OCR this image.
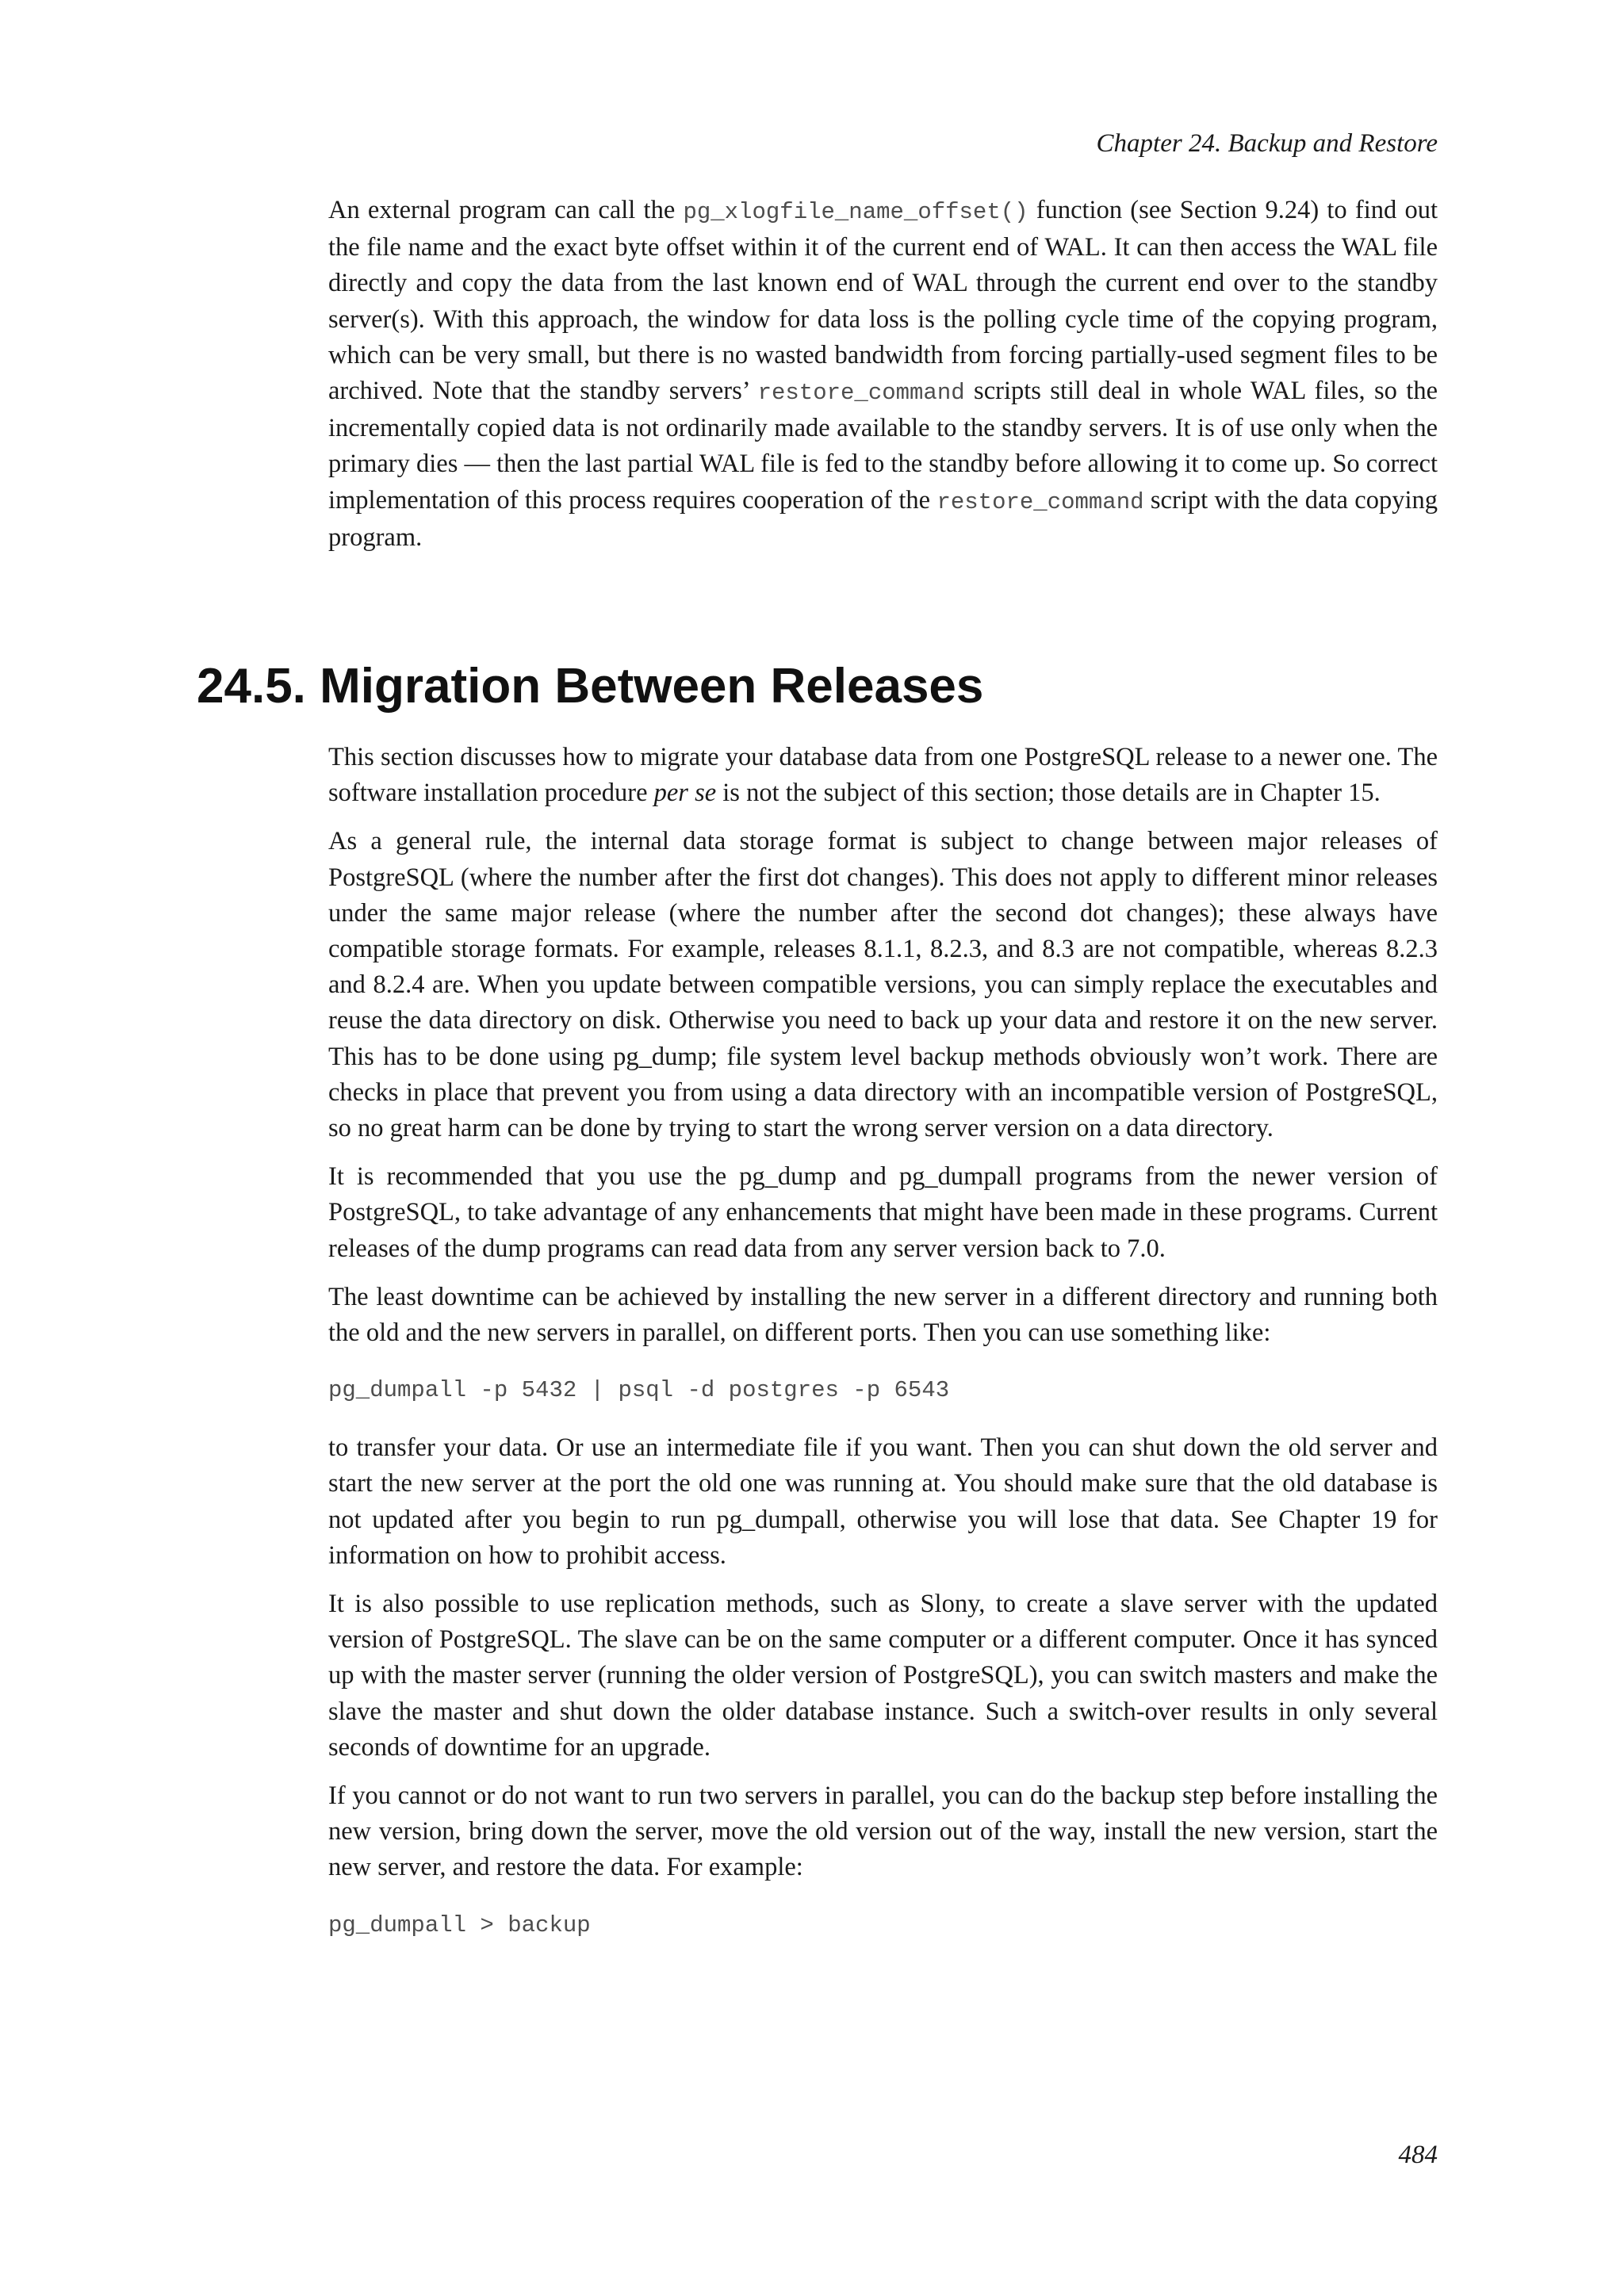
Chapter 24. Backup and Restore

An external program can call the pg_xlogfile_name_offset() function (see Section 9.24) to find out the file name and the exact byte offset within it of the current end of WAL. It can then access the WAL file directly and copy the data from the last known end of WAL through the current end over to the standby server(s). With this approach, the window for data loss is the polling cycle time of the copying program, which can be very small, but there is no wasted bandwidth from forcing partially-used segment files to be archived. Note that the standby servers’ restore_command scripts still deal in whole WAL files, so the incrementally copied data is not ordinarily made available to the standby servers. It is of use only when the primary dies — then the last partial WAL file is fed to the standby before allowing it to come up. So correct implementation of this process requires cooperation of the restore_command script with the data copying program.

24.5. Migration Between Releases

This section discusses how to migrate your database data from one PostgreSQL release to a newer one. The software installation procedure per se is not the subject of this section; those details are in Chapter 15.

As a general rule, the internal data storage format is subject to change between major releases of PostgreSQL (where the number after the first dot changes). This does not apply to different minor releases under the same major release (where the number after the second dot changes); these always have compatible storage formats. For example, releases 8.1.1, 8.2.3, and 8.3 are not compatible, whereas 8.2.3 and 8.2.4 are. When you update between compatible versions, you can simply replace the executables and reuse the data directory on disk. Otherwise you need to back up your data and restore it on the new server. This has to be done using pg_dump; file system level backup methods obviously won’t work. There are checks in place that prevent you from using a data directory with an incompatible version of PostgreSQL, so no great harm can be done by trying to start the wrong server version on a data directory.

It is recommended that you use the pg_dump and pg_dumpall programs from the newer version of PostgreSQL, to take advantage of any enhancements that might have been made in these programs. Current releases of the dump programs can read data from any server version back to 7.0.

The least downtime can be achieved by installing the new server in a different directory and running both the old and the new servers in parallel, on different ports. Then you can use something like:

pg_dumpall -p 5432 | psql -d postgres -p 6543

to transfer your data. Or use an intermediate file if you want. Then you can shut down the old server and start the new server at the port the old one was running at. You should make sure that the old database is not updated after you begin to run pg_dumpall, otherwise you will lose that data. See Chapter 19 for information on how to prohibit access.

It is also possible to use replication methods, such as Slony, to create a slave server with the updated version of PostgreSQL. The slave can be on the same computer or a different computer. Once it has synced up with the master server (running the older version of PostgreSQL), you can switch masters and make the slave the master and shut down the older database instance. Such a switch-over results in only several seconds of downtime for an upgrade.

If you cannot or do not want to run two servers in parallel, you can do the backup step before installing the new version, bring down the server, move the old version out of the way, install the new version, start the new server, and restore the data. For example:

pg_dumpall > backup
484
